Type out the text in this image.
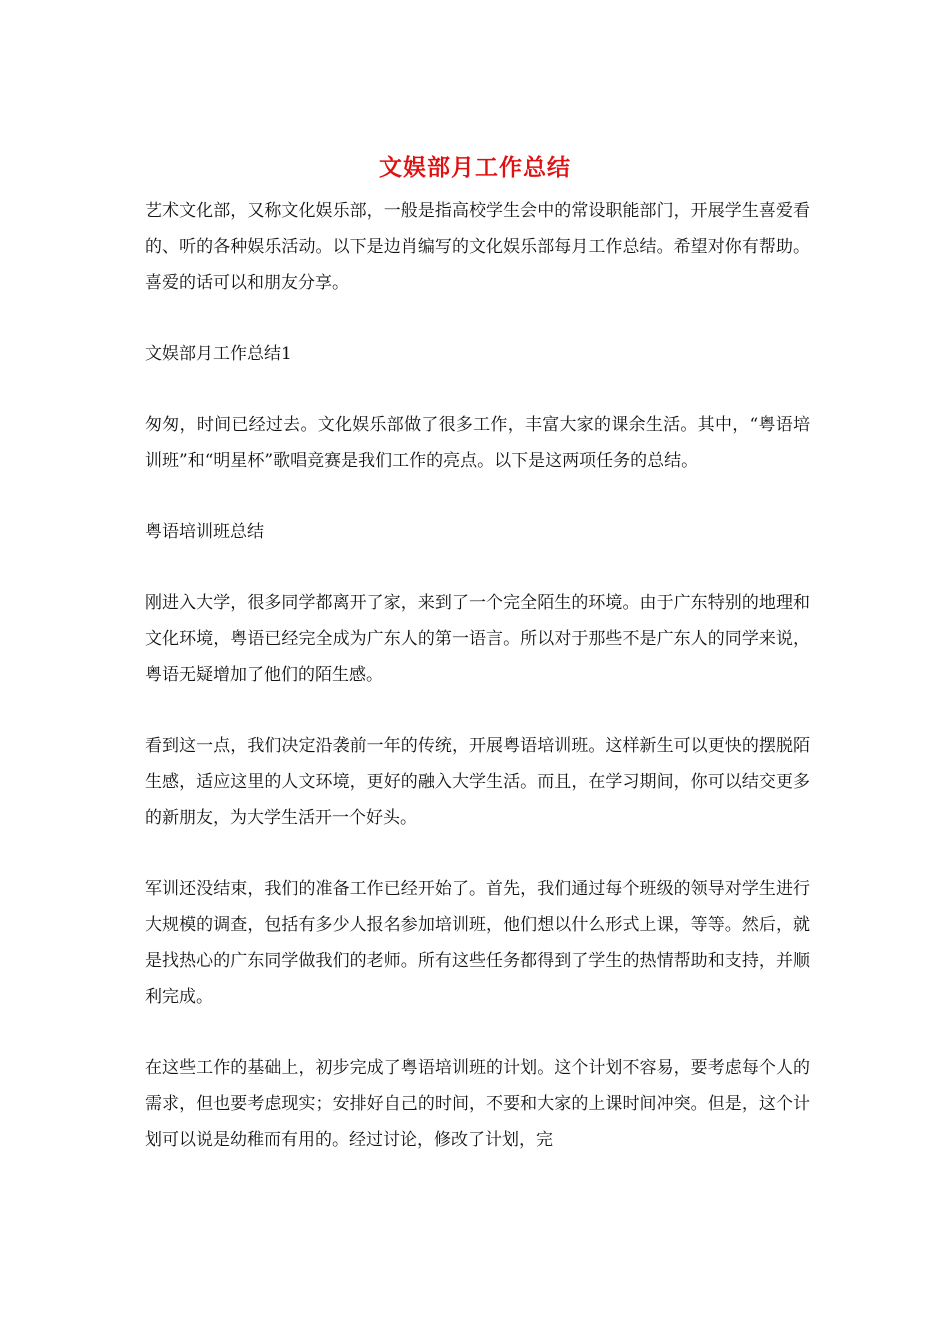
文娱部月工作总结

艺术文化部，又称文化娱乐部，一般是指高校学生会中的常设职能部门，开展学生喜爱看的、听的各种娱乐活动。以下是边肖编写的文化娱乐部每月工作总结。希望对你有帮助。喜爱的话可以和朋友分享。

文娱部月工作总结1

匆匆，时间已经过去。文化娱乐部做了很多工作，丰富大家的课余生活。其中，“粤语培训班”和“明星杯”歌唱竞赛是我们工作的亮点。以下是这两项任务的总结。

粤语培训班总结

刚进入大学，很多同学都离开了家，来到了一个完全陌生的环境。由于广东特别的地理和文化环境，粤语已经完全成为广东人的第一语言。所以对于那些不是广东人的同学来说，粤语无疑增加了他们的陌生感。

看到这一点，我们决定沿袭前一年的传统，开展粤语培训班。这样新生可以更快的摆脱陌生感，适应这里的人文环境，更好的融入大学生活。而且，在学习期间，你可以结交更多的新朋友，为大学生活开一个好头。

军训还没结束，我们的准备工作已经开始了。首先，我们通过每个班级的领导对学生进行大规模的调查，包括有多少人报名参加培训班，他们想以什么形式上课，等等。然后，就是找热心的广东同学做我们的老师。所有这些任务都得到了学生的热情帮助和支持，并顺利完成。

在这些工作的基础上，初步完成了粤语培训班的计划。这个计划不容易，要考虑每个人的需求，但也要考虑现实；安排好自己的时间，不要和大家的上课时间冲突。但是，这个计划可以说是幼稚而有用的。经过讨论，修改了计划，完
